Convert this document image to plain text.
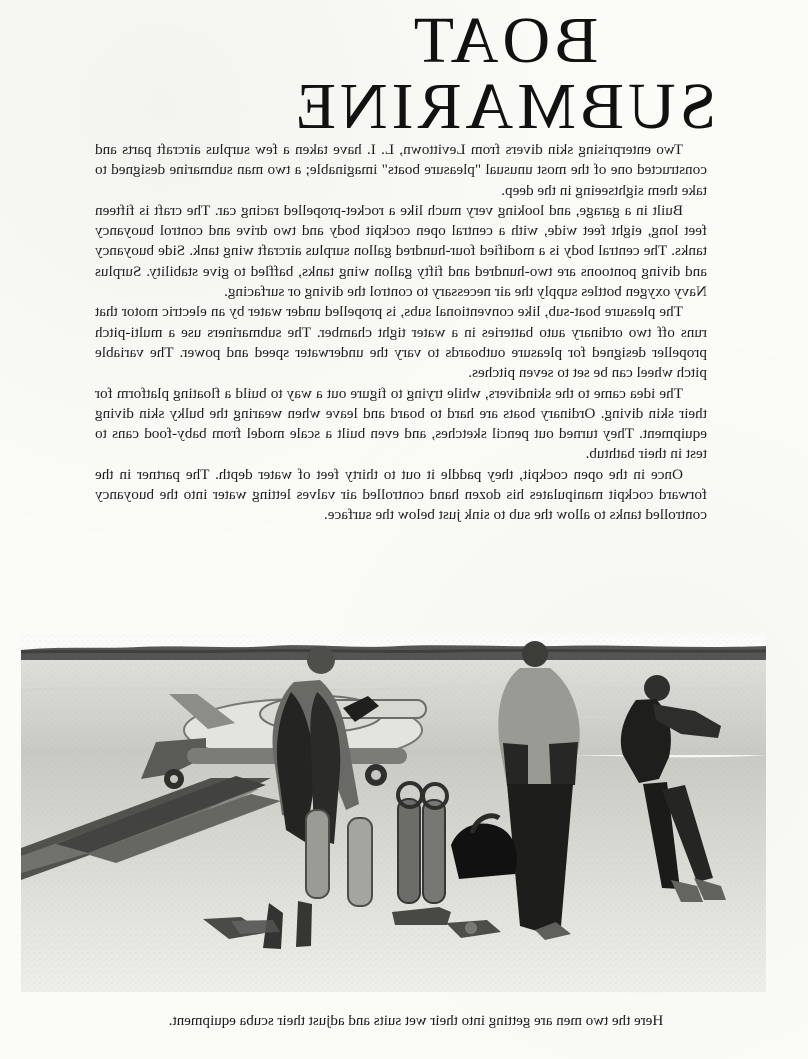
BOAT SUBMARINE

Two enterprising skin divers from Levittown, L. I. have taken a few surplus aircraft parts and constructed one of the most unusual "pleasure boats" imaginable; a two man submarine designed to take them sightseeing in the deep.

Built in a garage, and looking very much like a rocket-propelled racing car. The craft is fifteen feet long, eight feet wide, with a central open cockpit body and two drive and control buoyancy tanks. The central body is a modified four-hundred gallon surplus aircraft wing tank. Side buoyancy and diving pontoons are two-hundred and fifty gallon wing tanks, baffled to give stability. Surplus Navy oxygen bottles supply the air necessary to control the diving or surfacing.

The pleasure boat-sub, like conventional subs, is propelled under water by an electric motor that runs off two ordinary auto batteries in a water tight chamber. The submariners use a multi-pitch propeller designed for pleasure outboards to vary the underwater speed and power. The variable pitch wheel can be set to seven pitches.

The idea came to the skindivers, while trying to figure out a way to build a floating platform for their skin diving. Ordinary boats are hard to board and leave when wearing the bulky skin diving equipment. They turned out pencil sketches, and even built a scale model from baby-food cans to test in their bathtub.

Once in the open cockpit, they paddle it out to thirty feet of water depth. The partner in the forward cockpit manipulates his dozen hand controlled air valves letting water into the buoyancy controlled tanks to allow the sub to sink just below the surface.

Here the two men are getting into their wet suits and adjust their scuba equipment.
